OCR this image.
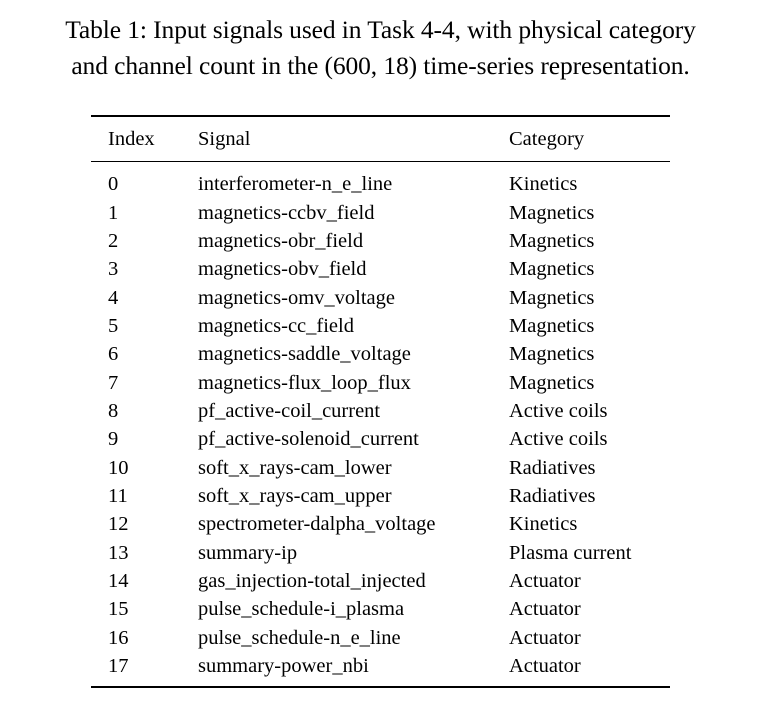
Table 1: Input signals used in Task 4-4, with physical category
and channel count in the (600, 18) time-series representation.
Index	Signal	Category
0	interferometer-n_e_line	Kinetics
1	magnetics-ccbv_field	Magnetics
2	magnetics-obr_field	Magnetics
3	magnetics-obv_field	Magnetics
4	magnetics-omv_voltage	Magnetics
5	magnetics-cc_field	Magnetics
6	magnetics-saddle_voltage	Magnetics
7	magnetics-flux_loop_flux	Magnetics
8	pf_active-coil_current	Active coils
9	pf_active-solenoid_current	Active coils
10	soft_x_rays-cam_lower	Radiatives
11	soft_x_rays-cam_upper	Radiatives
12	spectrometer-dalpha_voltage	Kinetics
13	summary-ip	Plasma current
14	gas_injection-total_injected	Actuator
15	pulse_schedule-i_plasma	Actuator
16	pulse_schedule-n_e_line	Actuator
17	summary-power_nbi	Actuator
